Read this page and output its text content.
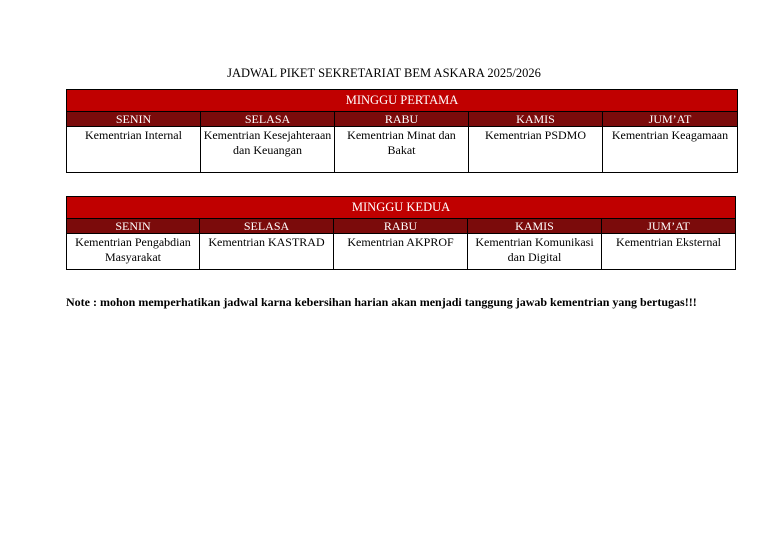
JADWAL PIKET SEKRETARIAT BEM ASKARA 2025/2026
MINGGU PERTAMA				
SENIN	SELASA	RABU	KAMIS	JUM’AT
Kementrian Internal	Kementrian Kesejahteraan dan Keuangan	Kementrian Minat dan Bakat	Kementrian PSDMO	Kementrian Keagamaan
MINGGU KEDUA				
SENIN	SELASA	RABU	KAMIS	JUM’AT
Kementrian Pengabdian Masyarakat	Kementrian KASTRAD	Kementrian AKPROF	Kementrian Komunikasi dan Digital	Kementrian Eksternal
Note : mohon memperhatikan jadwal karna kebersihan harian akan menjadi tanggung jawab kementrian yang bertugas!!!
